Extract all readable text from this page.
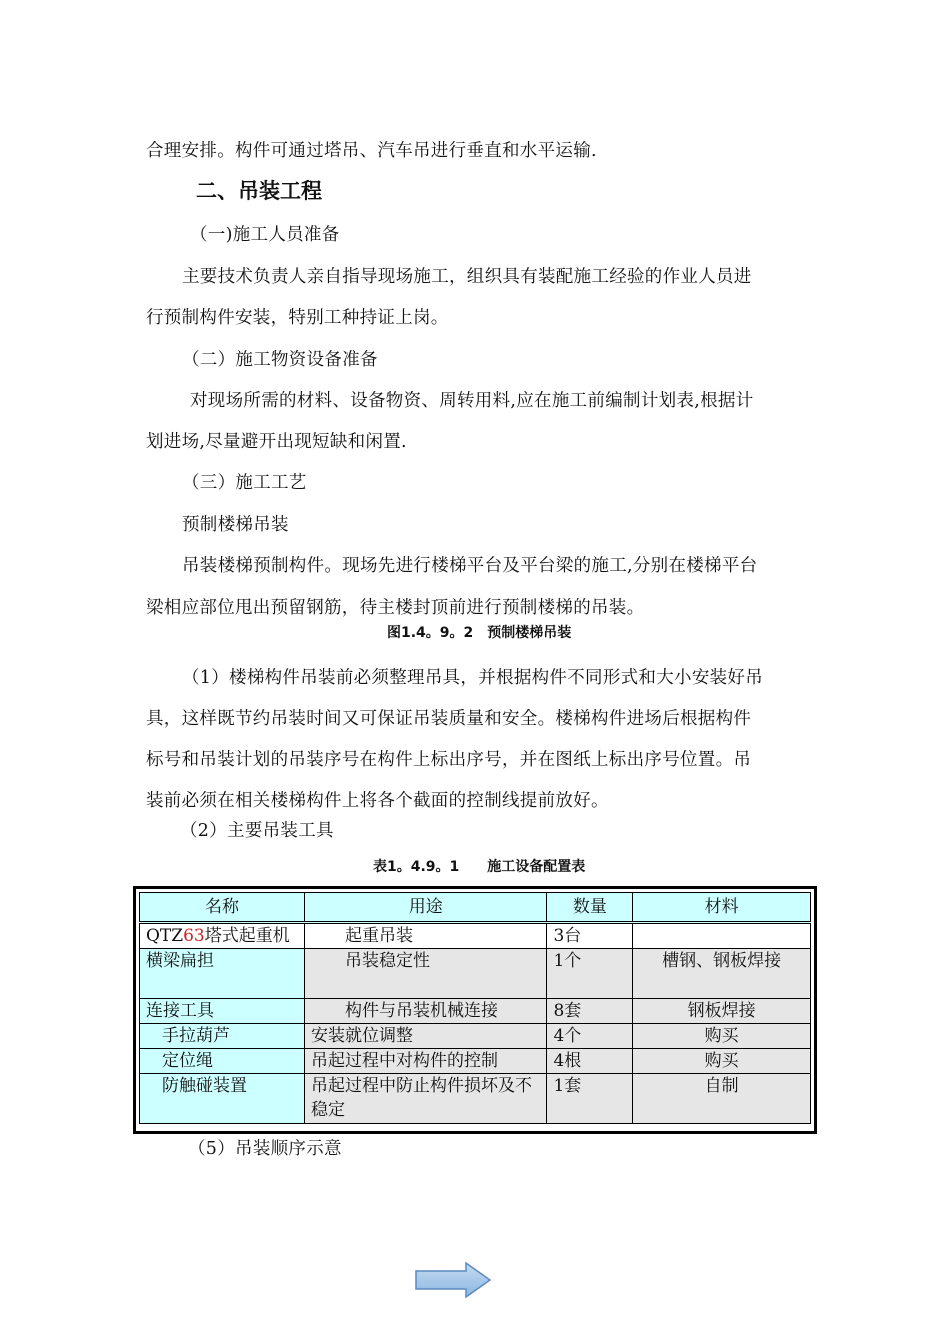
合理安排。构件可通过塔吊、汽车吊进行垂直和水平运输.
二、吊装工程
（一)施工人员准备
主要技术负责人亲自指导现场施工，组织具有装配施工经验的作业人员进
行预制构件安装，特别工种持证上岗。
（二）施工物资设备准备
对现场所需的材料、设备物资、周转用料,应在施工前编制计划表,根据计
划进场,尽量避开出现短缺和闲置.
（三）施工工艺
预制楼梯吊装
吊装楼梯预制构件。现场先进行楼梯平台及平台梁的施工,分别在楼梯平台
梁相应部位甩出预留钢筋，待主楼封顶前进行预制楼梯的吊装。
图1.4。9。2　预制楼梯吊装
（1）楼梯构件吊装前必须整理吊具，并根据构件不同形式和大小安装好吊
具，这样既节约吊装时间又可保证吊装质量和安全。楼梯构件进场后根据构件
标号和吊装计划的吊装序号在构件上标出序号，并在图纸上标出序号位置。吊
装前必须在相关楼梯构件上将各个截面的控制线提前放好。
（2）主要吊装工具
表1。4.9。1　　施工设备配置表
名称	用途	数量	材料
QTZ63塔式起重机	起重吊装	3台	
横梁扁担	吊装稳定性	1个	槽钢、钢板焊接
连接工具	构件与吊装机械连接	8套	钢板焊接
手拉葫芦	安装就位调整	4个	购买
定位绳	吊起过程中对构件的控制	4根	购买
防触碰装置	吊起过程中防止构件损坏及不稳定	1套	自制
（5）吊装顺序示意
